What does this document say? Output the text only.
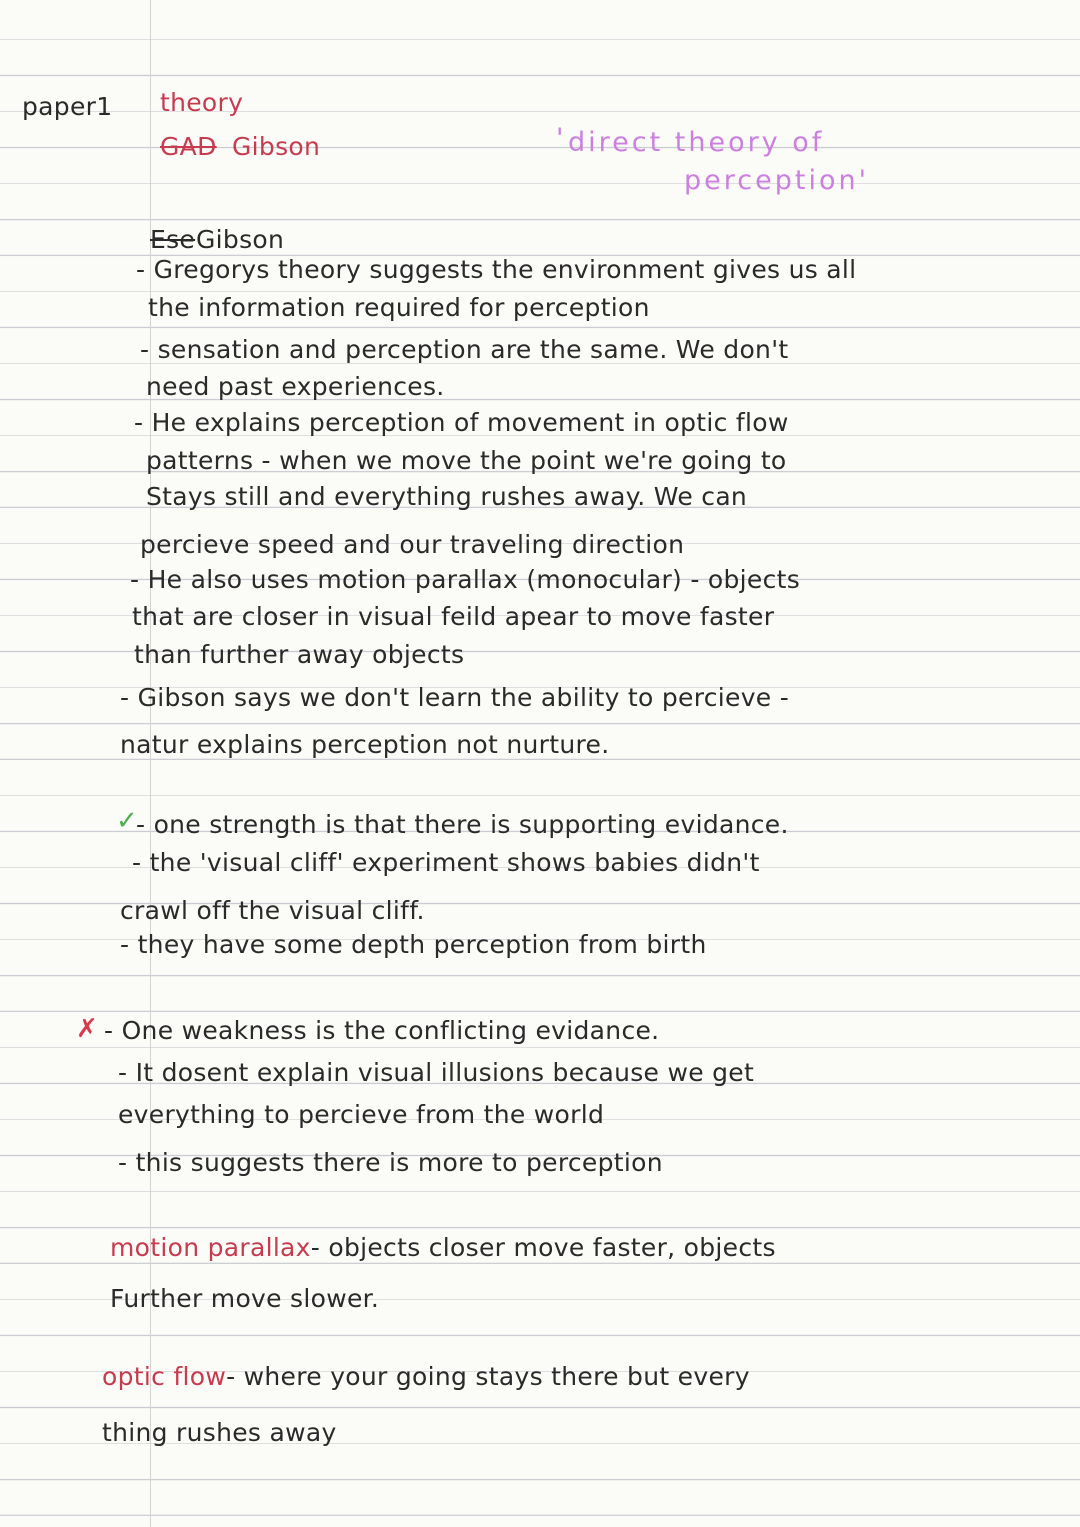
paper1 theory
GAD Gibson	' direct theory of
perception'
Ese Gibson
- Gregorys theory suggests the environment gives us all
the information required for perception
- sensation and perception are the same. We don't
need past experiences.
- He explains perception of movement in optic flow
patterns - when we move the point we're going to
Stays still and everything rushes away. We can
percieve speed and our traveling direction
- He also uses motion parallax (monocular) - objects
that are closer in visual feild apear to move faster
than further away objects
- Gibson says we don't learn the ability to percieve -
natur explains perception not nurture.
✓
- one strength is that there is supporting evidance.
- the 'visual cliff' experiment shows babies didn't
crawl off the visual cliff.
- they have some depth perception from birth
✗ - One weakness is the conflicting evidance.
- It dosent explain visual illusions because we get
everything to percieve from the world
- this suggests there is more to perception
motion parallax- objects closer move faster, objects
Further move slower.
optic flow- where your going stays there but every
thing rushes away
